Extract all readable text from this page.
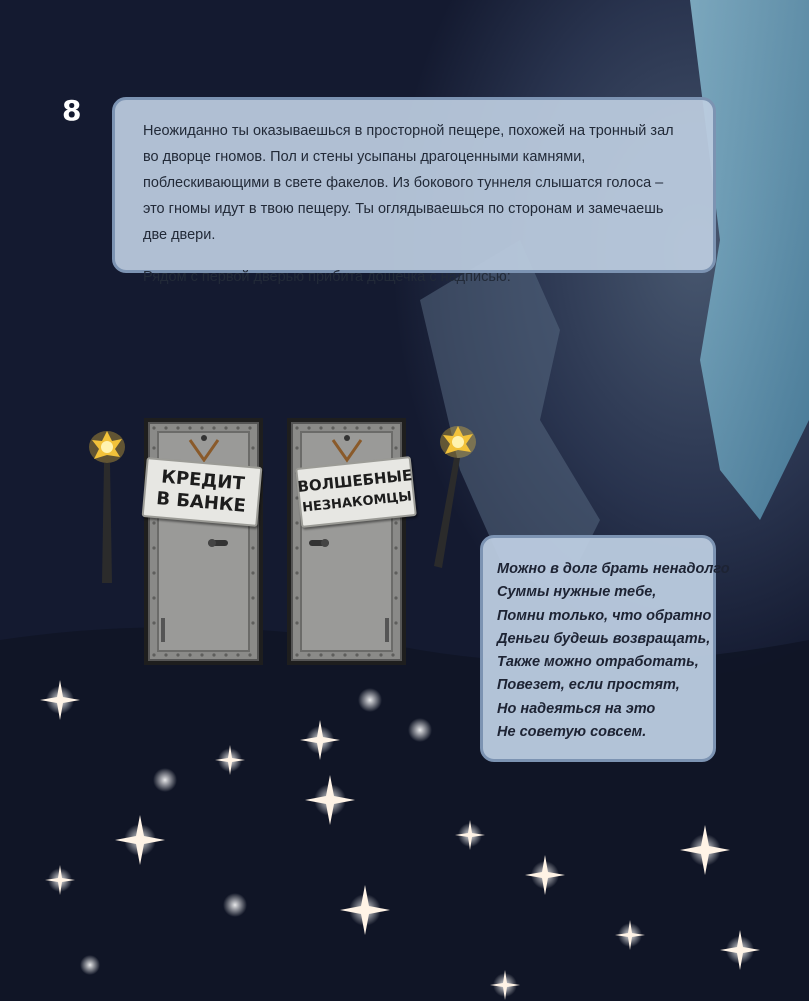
8

Неожиданно ты оказываешься в просторной пещере, похожей на тронный зал во дворце гномов. Пол и стены усыпаны драгоценными камнями, поблескивающими в свете факелов. Из бокового туннеля слышатся голоса – это гномы идут в твою пещеру. Ты оглядываешься по сторонам и замечаешь две двери.

Рядом с первой дверью прибита дощечка с надписью:

КРЕДИТ
В БАНКЕ
ВОЛШЕБНЫЕ
НЕЗНАКОМЦЫ
Можно в долг брать ненадолго
Суммы нужные тебе,
Помни только, что обратно
Деньги будешь возвращать,
Также можно отработать,
Повезет, если простят,
Но надеяться на это
Не советую совсем.
